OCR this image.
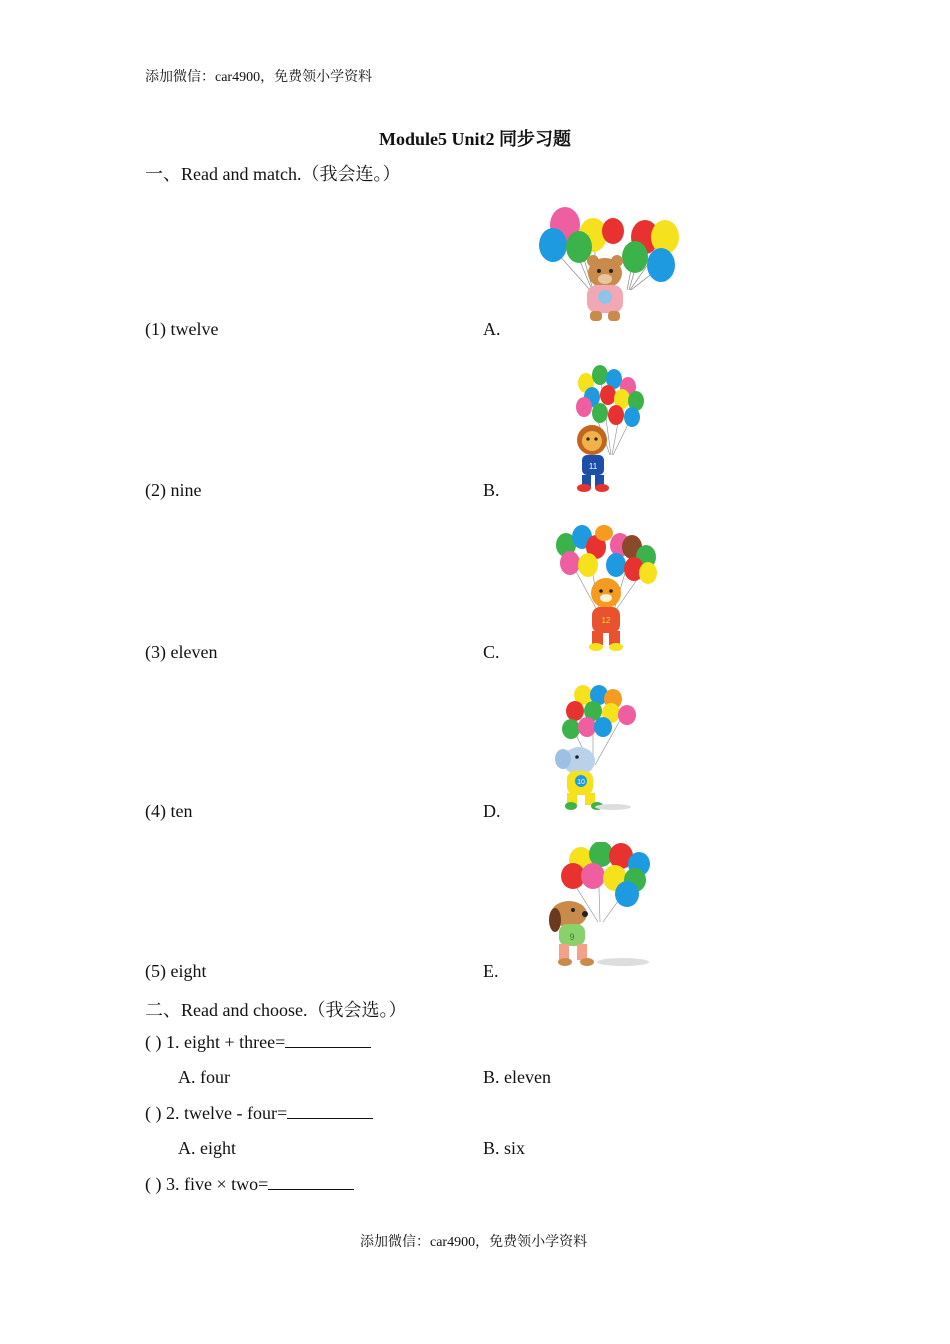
添加微信：car4900，免费领小学资料
Module5 Unit2 同步习题
一、Read and match.（我会连。）
(1) twelve	A.
(2) nine	B.
(3) eleven	C.
(4) ten	D.
(5) eight	E.
11
12
10
9
二、Read and choose.（我会选。）
( ) 1. eight + three=
A. four	B. eleven
( ) 2. twelve - four=
A. eight	B. six
( ) 3. five × two=
添加微信：car4900，免费领小学资料
